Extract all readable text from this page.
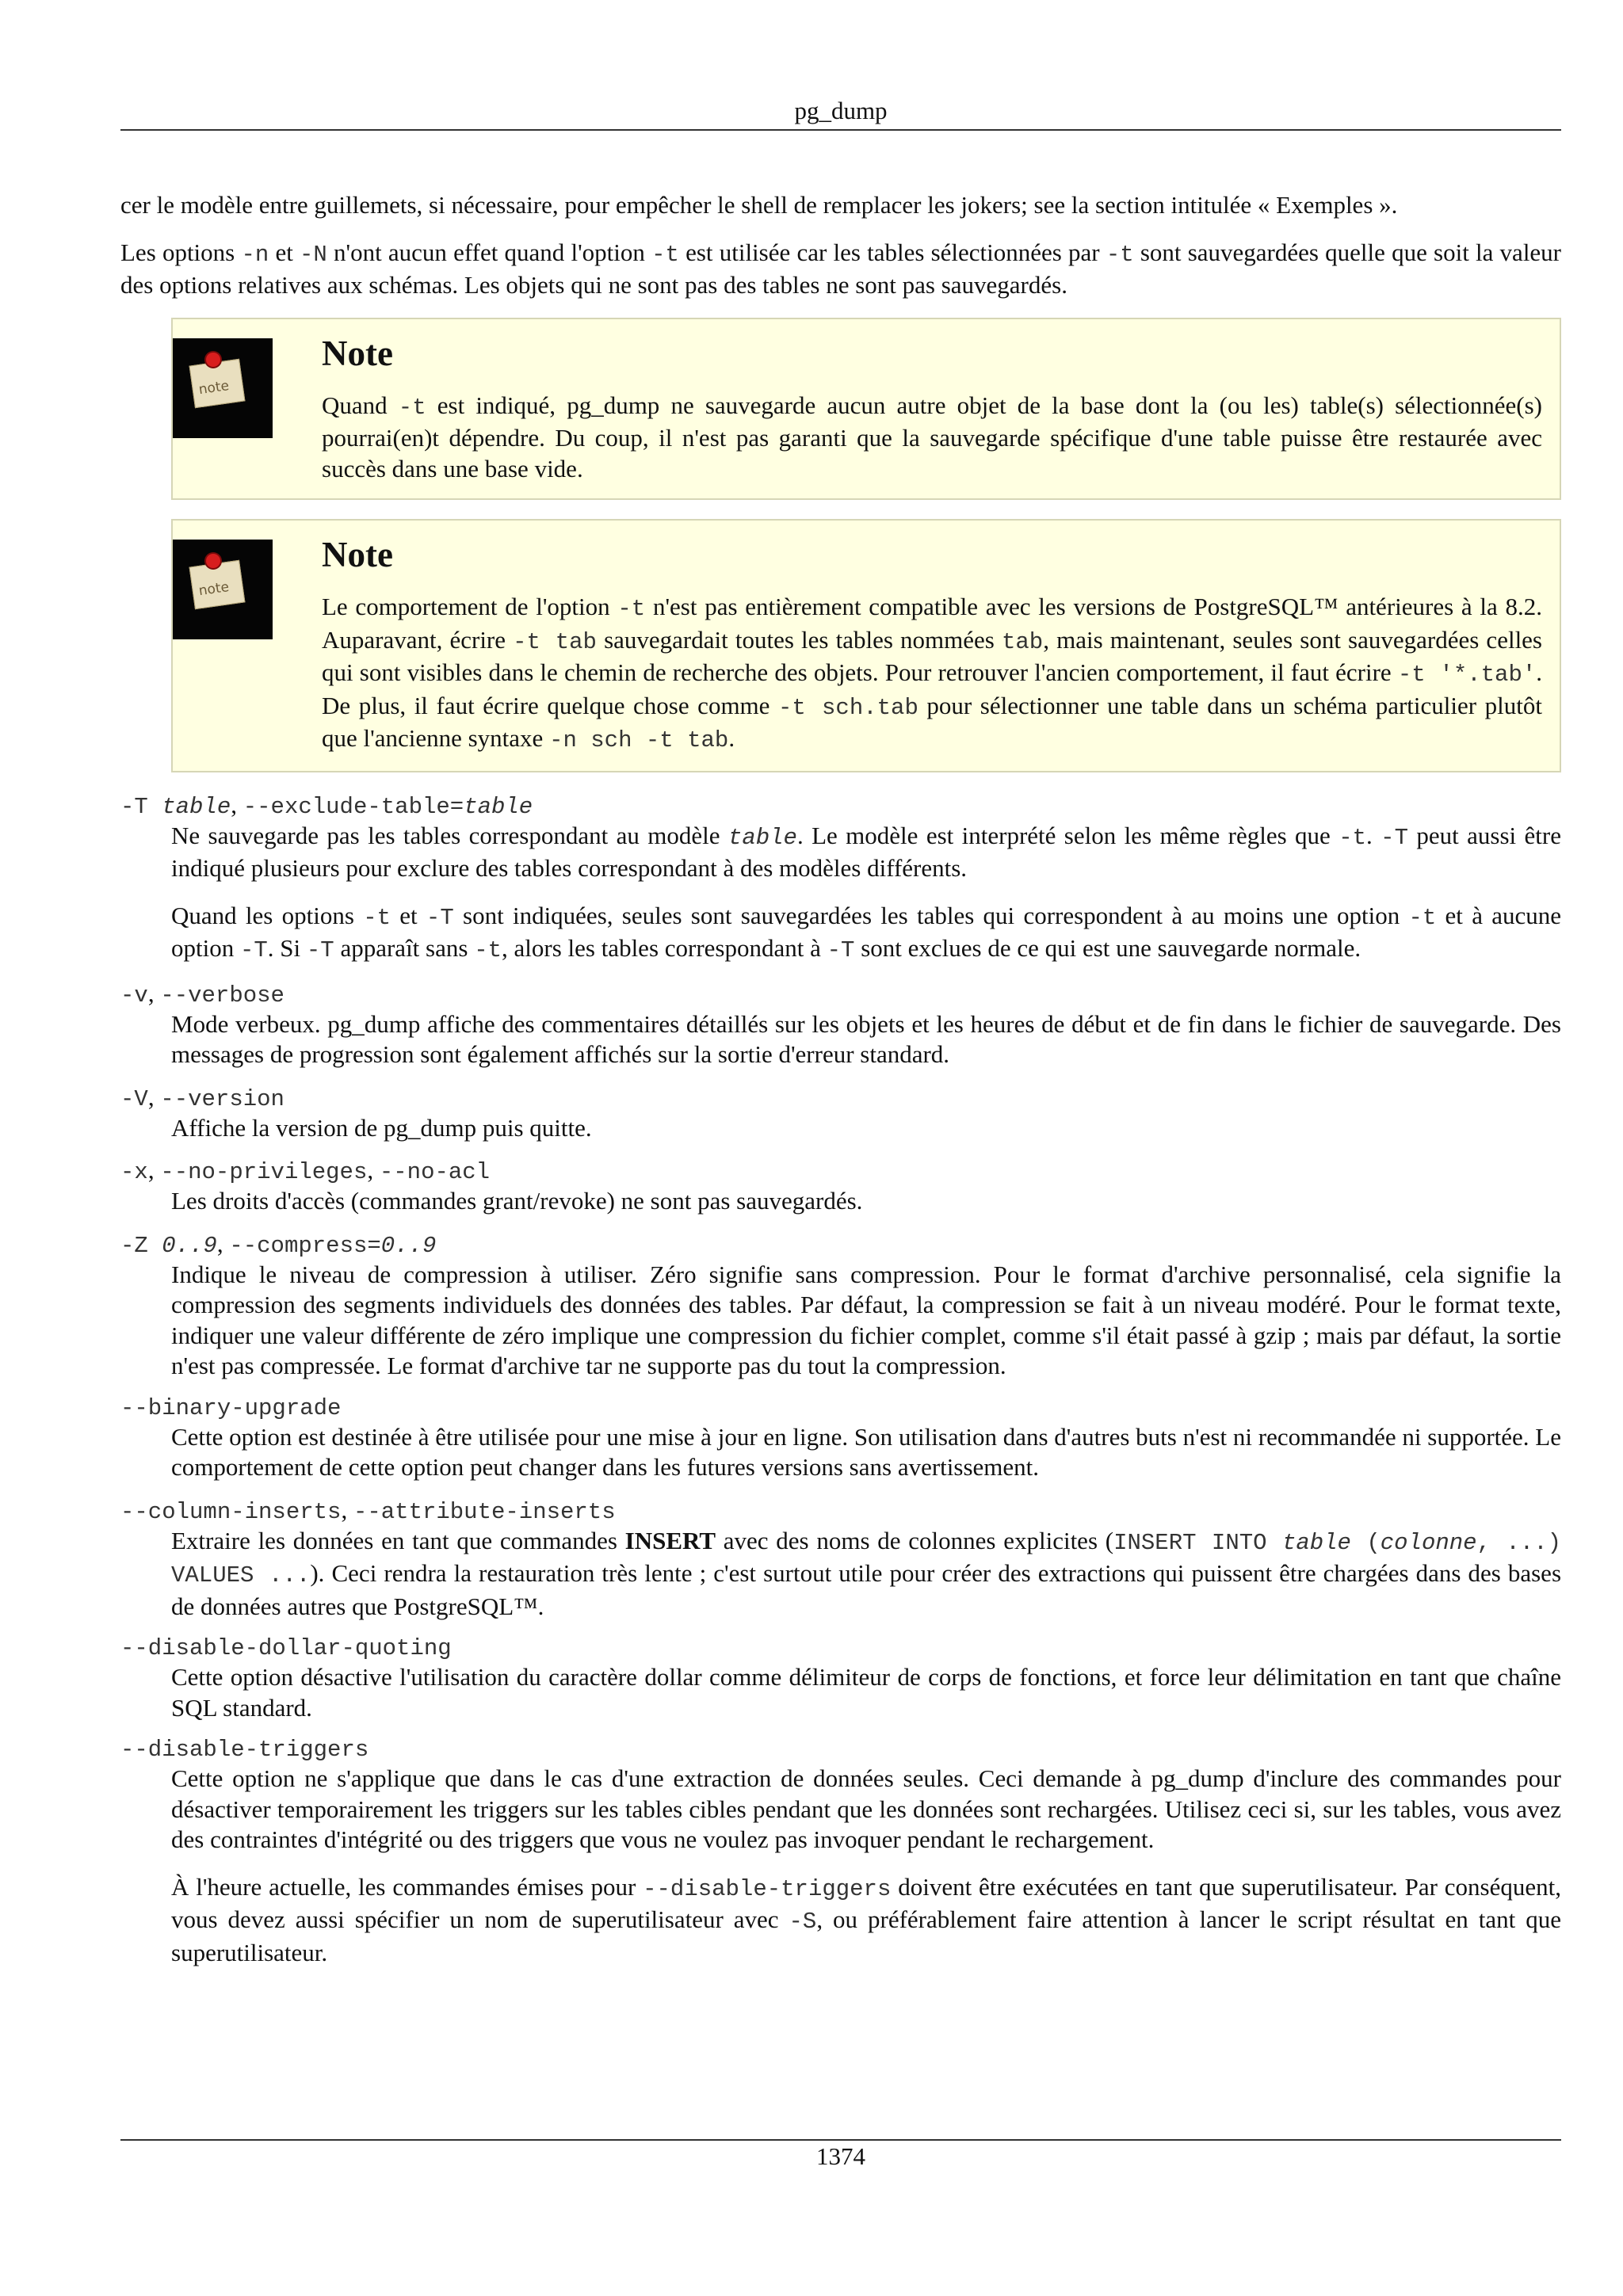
pg_dump

cer le modèle entre guillemets, si nécessaire, pour empêcher le shell de remplacer les jokers; see la section intitulée « Exemples ».

Les options -n et -N n'ont aucun effet quand l'option -t est utilisée car les tables sélectionnées par -t sont sauvegardées quelle que soit la valeur des options relatives aux schémas. Les objets qui ne sont pas des tables ne sont pas sauvegardés.

note
Note

Quand -t est indiqué, pg_dump ne sauvegarde aucun autre objet de la base dont la (ou les) table(s) sélectionnée(s) pourrai(en)t dépendre. Du coup, il n'est pas garanti que la sauvegarde spécifique d'une table puisse être restaurée avec succès dans une base vide.

note
Note

Le comportement de l'option -t n'est pas entièrement compatible avec les versions de PostgreSQL™ antérieures à la 8.2. Auparavant, écrire -t tab sauvegardait toutes les tables nommées tab, mais maintenant, seules sont sauvegardées celles qui sont visibles dans le chemin de recherche des objets. Pour retrouver l'ancien comportement, il faut écrire -t '*.tab'. De plus, il faut écrire quelque chose comme -t sch.tab pour sélectionner une table dans un schéma particulier plutôt que l'ancienne syntaxe -n sch -t tab.

-T table, --exclude-table=table

Ne sauvegarde pas les tables correspondant au modèle table. Le modèle est interprété selon les même règles que -t. -T peut aussi être indiqué plusieurs pour exclure des tables correspondant à des modèles différents.

Quand les options -t et -T sont indiquées, seules sont sauvegardées les tables qui correspondent à au moins une option -t et à aucune option -T. Si -T apparaît sans -t, alors les tables correspondant à -T sont exclues de ce qui est une sauvegarde normale.

-v, --verbose

Mode verbeux. pg_dump affiche des commentaires détaillés sur les objets et les heures de début et de fin dans le fichier de sauvegarde. Des messages de progression sont également affichés sur la sortie d'erreur standard.

-V, --version

Affiche la version de pg_dump puis quitte.

-x, --no-privileges, --no-acl

Les droits d'accès (commandes grant/revoke) ne sont pas sauvegardés.

-Z 0..9, --compress=0..9

Indique le niveau de compression à utiliser. Zéro signifie sans compression. Pour le format d'archive personnalisé, cela signifie la compression des segments individuels des données des tables. Par défaut, la compression se fait à un niveau modéré. Pour le format texte, indiquer une valeur différente de zéro implique une compression du fichier complet, comme s'il était passé à gzip ; mais par défaut, la sortie n'est pas compressée. Le format d'archive tar ne supporte pas du tout la compression.

--binary-upgrade

Cette option est destinée à être utilisée pour une mise à jour en ligne. Son utilisation dans d'autres buts n'est ni recommandée ni supportée. Le comportement de cette option peut changer dans les futures versions sans avertissement.

--column-inserts, --attribute-inserts

Extraire les données en tant que commandes INSERT avec des noms de colonnes explicites (INSERT INTO table (colonne, ...) VALUES ...). Ceci rendra la restauration très lente ; c'est surtout utile pour créer des extractions qui puissent être chargées dans des bases de données autres que PostgreSQL™.

--disable-dollar-quoting

Cette option désactive l'utilisation du caractère dollar comme délimiteur de corps de fonctions, et force leur délimitation en tant que chaîne SQL standard.

--disable-triggers

Cette option ne s'applique que dans le cas d'une extraction de données seules. Ceci demande à pg_dump d'inclure des commandes pour désactiver temporairement les triggers sur les tables cibles pendant que les données sont rechargées. Utilisez ceci si, sur les tables, vous avez des contraintes d'intégrité ou des triggers que vous ne voulez pas invoquer pendant le rechargement.

À l'heure actuelle, les commandes émises pour --disable-triggers doivent être exécutées en tant que superutilisateur. Par conséquent, vous devez aussi spécifier un nom de superutilisateur avec -S, ou préférablement faire attention à lancer le script résultat en tant que superutilisateur.

1374
